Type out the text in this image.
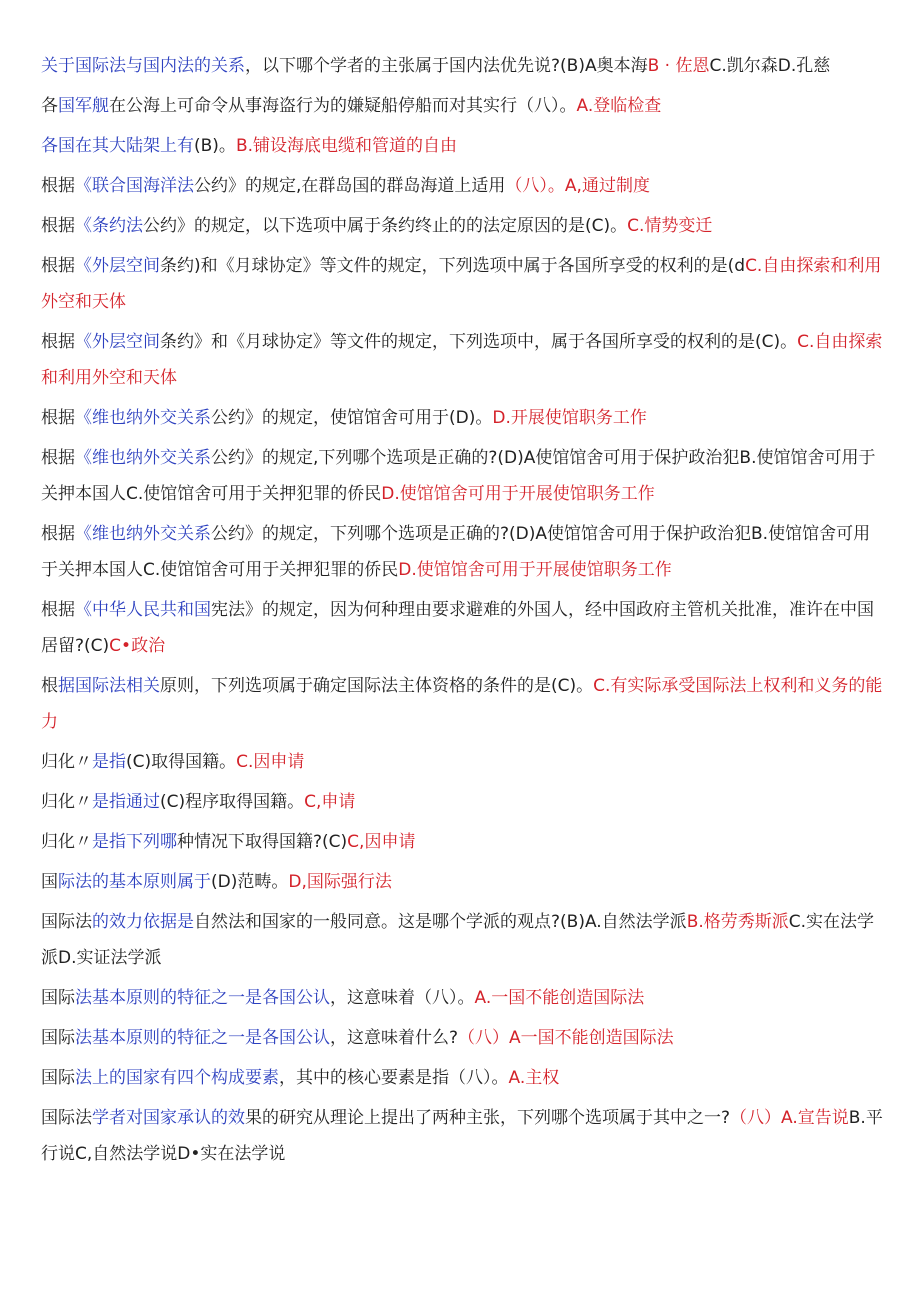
关于国际法与国内法的关系，以下哪个学者的主张属于国内法优先说?(B)A奥本海B · 佐恩C.凯尔森D.孔慈

各国军舰在公海上可命令从事海盗行为的嫌疑船停船而对其实行（八）。A.登临检查

各国在其大陆架上有(B)。B.铺设海底电缆和管道的自由

根据《联合国海洋法公约》的规定,在群岛国的群岛海道上适用（八）。A,通过制度

根据《条约法公约》的规定，以下选项中属于条约终止的的法定原因的是(C)。C.情势变迁

根据《外层空间条约)和《月球协定》等文件的规定，下列选项中属于各国所享受的权利的是(dC.自由探索和利用外空和天体

根据《外层空间条约》和《月球协定》等文件的规定，下列选项中，属于各国所享受的权利的是(C)。C.自由探索和利用外空和天体

根据《维也纳外交关系公约》的规定，使馆馆舍可用于(D)。D.开展使馆职务工作

根据《维也纳外交关系公约》的规定,下列哪个选项是正确的?(D)A使馆馆舍可用于保护政治犯B.使馆馆舍可用于关押本国人C.使馆馆舍可用于关押犯罪的侨民D.使馆馆舍可用于开展使馆职务工作

根据《维也纳外交关系公约》的规定，下列哪个选项是正确的?(D)A使馆馆舍可用于保护政治犯B.使馆馆舍可用于关押本国人C.使馆馆舍可用于关押犯罪的侨民D.使馆馆舍可用于开展使馆职务工作

根据《中华人民共和国宪法》的规定，因为何种理由要求避难的外国人，经中国政府主管机关批准，准许在中国居留?(C)C•政治

根据国际法相关原则，下列选项属于确定国际法主体资格的条件的是(C)。C.有实际承受国际法上权利和义务的能力

归化〃是指(C)取得国籍。C.因申请

归化〃是指通过(C)程序取得国籍。C,申请

归化〃是指下列哪种情况下取得国籍?(C)C,因申请

国际法的基本原则属于(D)范畴。D,国际强行法

国际法的效力依据是自然法和国家的一般同意。这是哪个学派的观点?(B)A.自然法学派B.格劳秀斯派C.实在法学派D.实证法学派

国际法基本原则的特征之一是各国公认，这意味着（八）。A.一国不能创造国际法

国际法基本原则的特征之一是各国公认，这意味着什么?（八）A一国不能创造国际法

国际法上的国家有四个构成要素，其中的核心要素是指（八）。A.主权

国际法学者对国家承认的效果的研究从理论上提出了两种主张，下列哪个选项属于其中之一?（八）A.宣告说B.平行说C,自然法学说D•实在法学说
